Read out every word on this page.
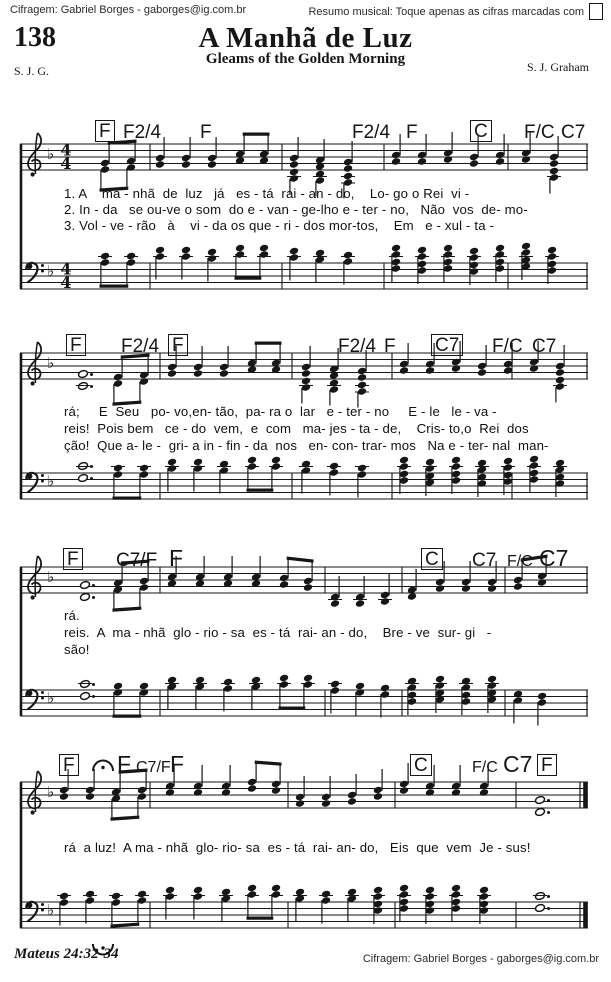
Cifragem: Gabriel Borges - gaborges@ig.com.br	Resumo musical: Toque apenas as cifras marcadas com
138	A Manhã de Luz
Gleams of the Golden Morning
S. J. G.	S. J. Graham
♭ 4
4
♭ 4
4
♭
♭
♭
♭
♭
♭
F F2/4 F	F2/4 F	C F/C C7
F F2/4 F	F2/4 F C7 F/C C7
F C7/F F	C C7 F/C C7
F F C7/F F	C	F/C C7 F
1. A    ma - nhã  de  luz   já   es - tá  rai - an - do,    Lo- go o Rei  vi -
2. In - da   se ou-ve o som  do e - van - ge-lho e - ter - no,   Não  vos  de- mo-
3. Vol - ve - rão   à    vi - da os que - ri - dos mor-tos,    Em   e - xul - ta -
rá;     E  Seu   po- vo,en- tão,  pa- ra o  lar   e - ter - no     E - le   le - va -
reis!  Pois bem   ce - do  vem,  e  com   ma- jes - ta - de,    Cris- to,o  Rei  dos
ção!  Que a- le -  gri- a in - fin - da  nos   en- con- trar- mos   Na e - ter- nal  man-
rá.
reis.  A  ma - nhã  glo - rio - sa  es - tá  rai- an - do,    Bre - ve  sur- gi   -
são!
rá  a luz!  A ma - nhã  glo- rio- sa  es - tá  rai- an- do,   Eis  que  vem  Je - sus!
Mateus 24:32-34	Cifragem: Gabriel Borges - gaborges@ig.com.br
